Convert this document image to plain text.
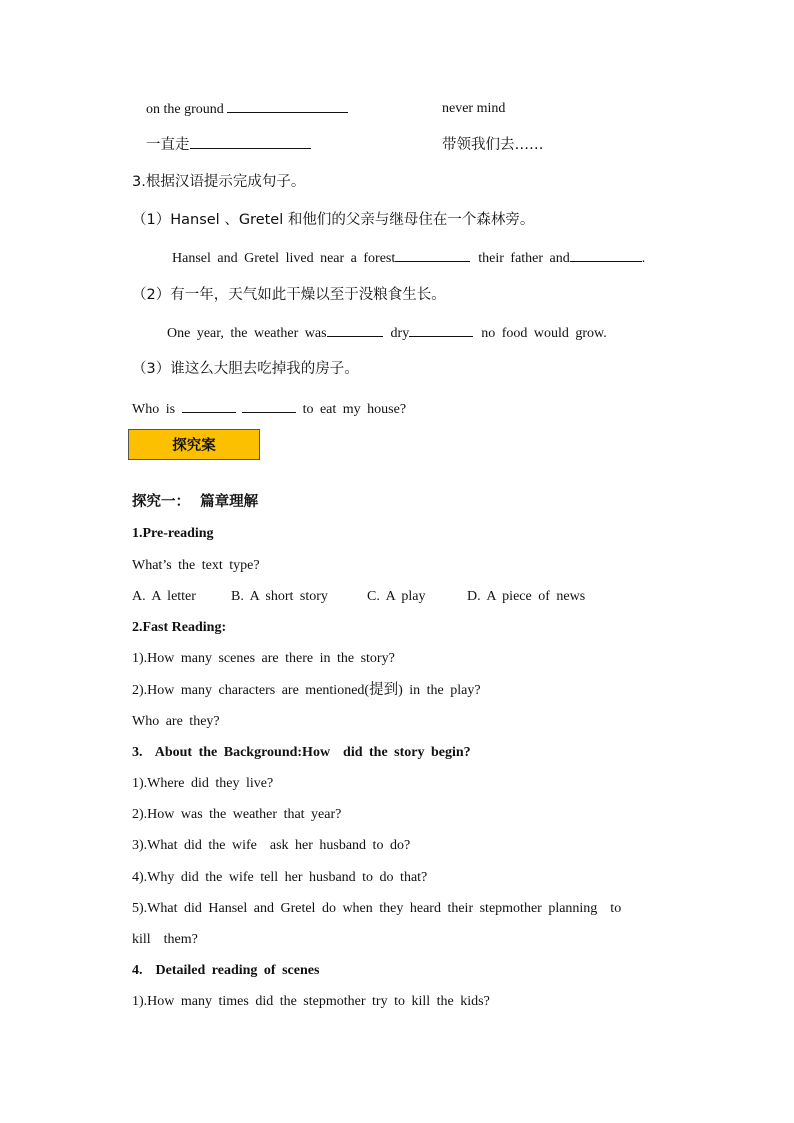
on the ground	never mind
一直走	带领我们去……
3.根据汉语提示完成句子。
（1）Hansel 、Gretel 和他们的父亲与继母住在一个森林旁。
Hansel and Gretel lived near a forest	their father and	.
（2）有一年，天气如此干燥以至于没粮食生长。
One year, the weather was	dry	no food would grow.
（3）谁这么大胆去吃掉我的房子。
Who is	to eat my house?
探究案
探究一：  篇章理解
1.Pre-reading
What’s the text type?
A. A letter	B. A short story	C. A play	D. A piece of news
2.Fast Reading:
1).How many scenes are there in the story?
2).How many characters are mentioned(提到) in the play?
Who are they?
3.  About the Background:How  did the story begin?
1).Where did they live?
2).How was the weather that year?
3).What did the wife  ask her husband to do?
4).Why did the wife tell her husband to do that?
5).What did Hansel and Gretel do when they heard their stepmother planning  to
kill  them?
4.  Detailed reading of scenes
1).How many times did the stepmother try to kill the kids?
